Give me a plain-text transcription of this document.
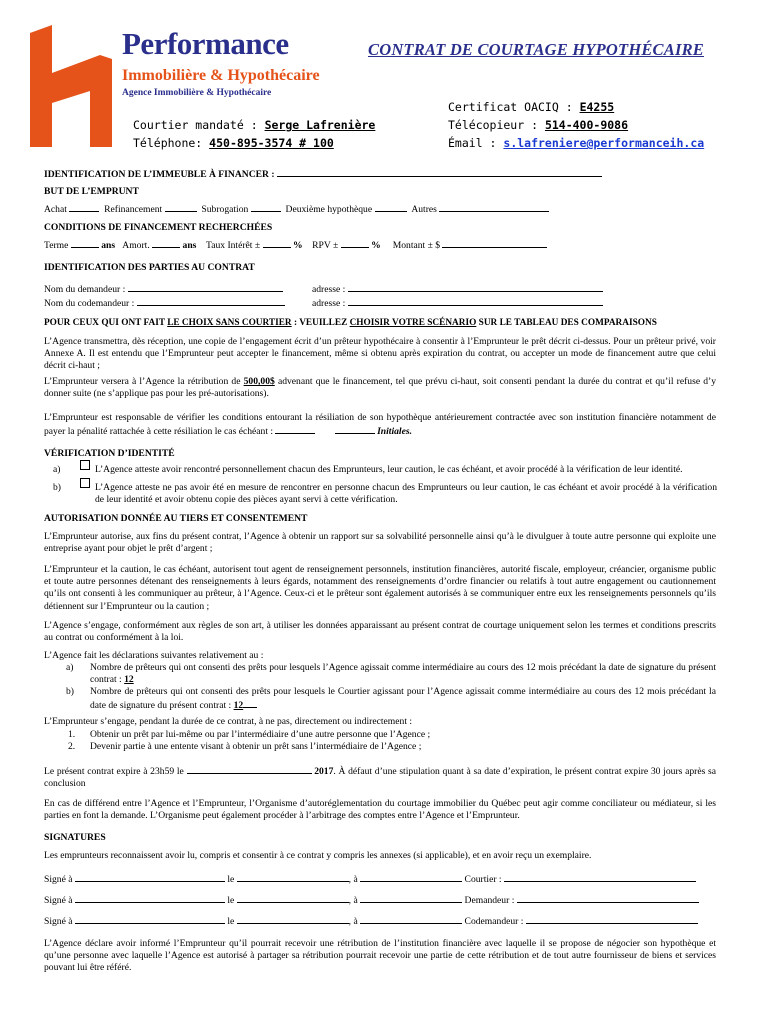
Performance
Immobilière & Hypothécaire
Agence Immobilière & Hypothécaire
CONTRAT DE COURTAGE HYPOTHÉCAIRE
Courtier mandaté : Serge Lafrenière
Téléphone: 450-895-3574 # 100
Certificat OACIQ : E4255
Télécopieur : 514-400-9086
Émail : s.lafreniere@performanceih.ca
IDENTIFICATION DE L’IMMEUBLE À FINANCER :
BUT DE L’EMPRUNT
Achat	Refinancement	Subrogation	Deuxième hypothèque	Autres
CONDITIONS DE FINANCEMENT RECHERCHÉES
Terme	ans Amort.	ans Taux Intérêt ±	% RPV ±	% Montant ± $
IDENTIFICATION DES PARTIES AU CONTRAT
Nom du demandeur :	adresse :
Nom du codemandeur :	adresse :
POUR CEUX QUI ONT FAIT LE CHOIX SANS COURTIER : VEUILLEZ CHOISIR VOTRE SCÉNARIO SUR LE TABLEAU DES COMPARAISONS
L’Agence transmettra, dès réception, une copie de l’engagement écrit d’un prêteur hypothécaire à consentir à l’Emprunteur le prêt décrit ci-dessus. Pour un prêteur privé, voir Annexe A. Il est entendu que l’Emprunteur peut accepter le financement, même si obtenu après expiration du contrat, ou accepter un mode de financement autre que celui décrit ci-haut ;
L’Emprunteur versera à l’Agence la rétribution de 500,00$ advenant que le financement, tel que prévu ci-haut, soit consenti pendant la durée du contrat et qu’il refuse d’y donner suite (ne s’applique pas pour les pré-autorisations).
L’Emprunteur est responsable de vérifier les conditions entourant la résiliation de son hypothèque antérieurement contractée avec son institution financière notamment de payer la pénalité rattachée à cette résiliation le cas échéant :	Initiales.
VÉRIFICATION D’IDENTITÉ
a)	L’Agence atteste avoir rencontré personnellement chacun des Emprunteurs, leur caution, le cas échéant, et avoir procédé à la vérification de leur identité.
b)	L’Agence atteste ne pas avoir été en mesure de rencontrer en personne chacun des Emprunteurs ou leur caution, le cas échéant et avoir procédé à la vérification de leur identité et avoir obtenu copie des pièces ayant servi à cette vérification.
AUTORISATION DONNÉE AU TIERS ET CONSENTEMENT
L’Emprunteur autorise, aux fins du présent contrat, l’Agence à obtenir un rapport sur sa solvabilité personnelle ainsi qu’à le divulguer à toute autre personne qui exploite une entreprise ayant pour objet le prêt d’argent ;
L’Emprunteur et la caution, le cas échéant, autorisent tout agent de renseignement personnels, institution financières, autorité fiscale, employeur, créancier, organisme public et toute autre personnes détenant des renseignements à leurs égards, notamment des renseignements d’ordre financier ou relatifs à tout autre engagement ou cautionnement qu’ils ont consenti à les communiquer au prêteur, à l’Agence. Ceux-ci et le prêteur sont également autorisés à se communiquer entre eux les renseignements personnels qu’ils détiennent sur l’Emprunteur ou la caution ;
L’Agence s’engage, conformément aux règles de son art, à utiliser les données apparaissant au présent contrat de courtage uniquement selon les termes et conditions prescrits au contrat ou conformément à la loi.
L’Agence fait les déclarations suivantes relativement au :
a) Nombre de prêteurs qui ont consenti des prêts pour lesquels l’Agence agissait comme intermédiaire au cours des 12 mois précédant la date de signature du présent contrat : 12
b) Nombre de prêteurs qui ont consenti des prêts pour lesquels le Courtier agissant pour l’Agence agissait comme intermédiaire au cours des 12 mois précédant la date de signature du présent contrat : 12
L’Emprunteur s’engage, pendant la durée de ce contrat, à ne pas, directement ou indirectement :
1. Obtenir un prêt par lui-même ou par l’intermédiaire d’une autre personne que l’Agence ;
2. Devenir partie à une entente visant à obtenir un prêt sans l’intermédiaire de l’Agence ;
Le présent contrat expire à 23h59 le	2017. À défaut d’une stipulation quant à sa date d’expiration, le présent contrat expire 30 jours après sa conclusion
En cas de différend entre l’Agence et l’Emprunteur, l’Organisme d’autoréglementation du courtage immobilier du Québec peut agir comme conciliateur ou médiateur, si les parties en font la demande. L’Organisme peut également procéder à l’arbitrage des comptes entre l’Agence et l’Emprunteur.
SIGNATURES
Les emprunteurs reconnaissent avoir lu, compris et consentir à ce contrat y compris les annexes (si applicable), et en avoir reçu un exemplaire.
Signé à	le	, à	Courtier :
Signé à	le	, à	Demandeur :
Signé à	le	, à	Codemandeur :
L’Agence déclare avoir informé l’Emprunteur qu’il pourrait recevoir une rétribution de l’institution financière avec laquelle il se propose de négocier son hypothèque et qu’une personne avec laquelle l’Agence est autorisé à partager sa rétribution pourrait recevoir une partie de cette rétribution et de tout autre fournisseur de biens et services pouvant lui être référé.
